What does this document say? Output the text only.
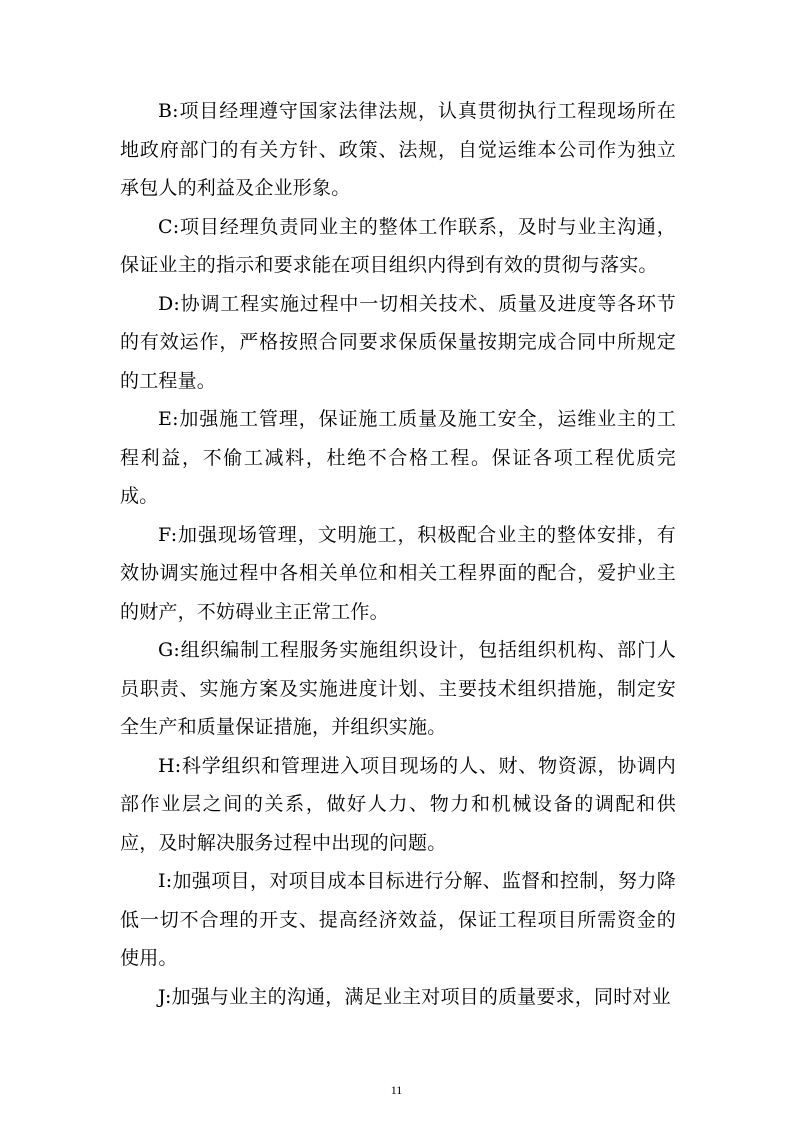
B:项目经理遵守国家法律法规，认真贯彻执行工程现场所在地政府部门的有关方针、政策、法规，自觉运维本公司作为独立承包人的利益及企业形象。

C:项目经理负责同业主的整体工作联系，及时与业主沟通，保证业主的指示和要求能在项目组织内得到有效的贯彻与落实。

D:协调工程实施过程中一切相关技术、质量及进度等各环节的有效运作，严格按照合同要求保质保量按期完成合同中所规定的工程量。

E:加强施工管理，保证施工质量及施工安全，运维业主的工程利益，不偷工减料，杜绝不合格工程。保证各项工程优质完成。

F:加强现场管理，文明施工，积极配合业主的整体安排，有效协调实施过程中各相关单位和相关工程界面的配合，爱护业主的财产，不妨碍业主正常工作。

G:组织编制工程服务实施组织设计，包括组织机构、部门人员职责、实施方案及实施进度计划、主要技术组织措施，制定安全生产和质量保证措施，并组织实施。

H:科学组织和管理进入项目现场的人、财、物资源，协调内部作业层之间的关系，做好人力、物力和机械设备的调配和供应，及时解决服务过程中出现的问题。

I:加强项目，对项目成本目标进行分解、监督和控制，努力降低一切不合理的开支、提高经济效益，保证工程项目所需资金的使用。

J:加强与业主的沟通，满足业主对项目的质量要求，同时对业

11
